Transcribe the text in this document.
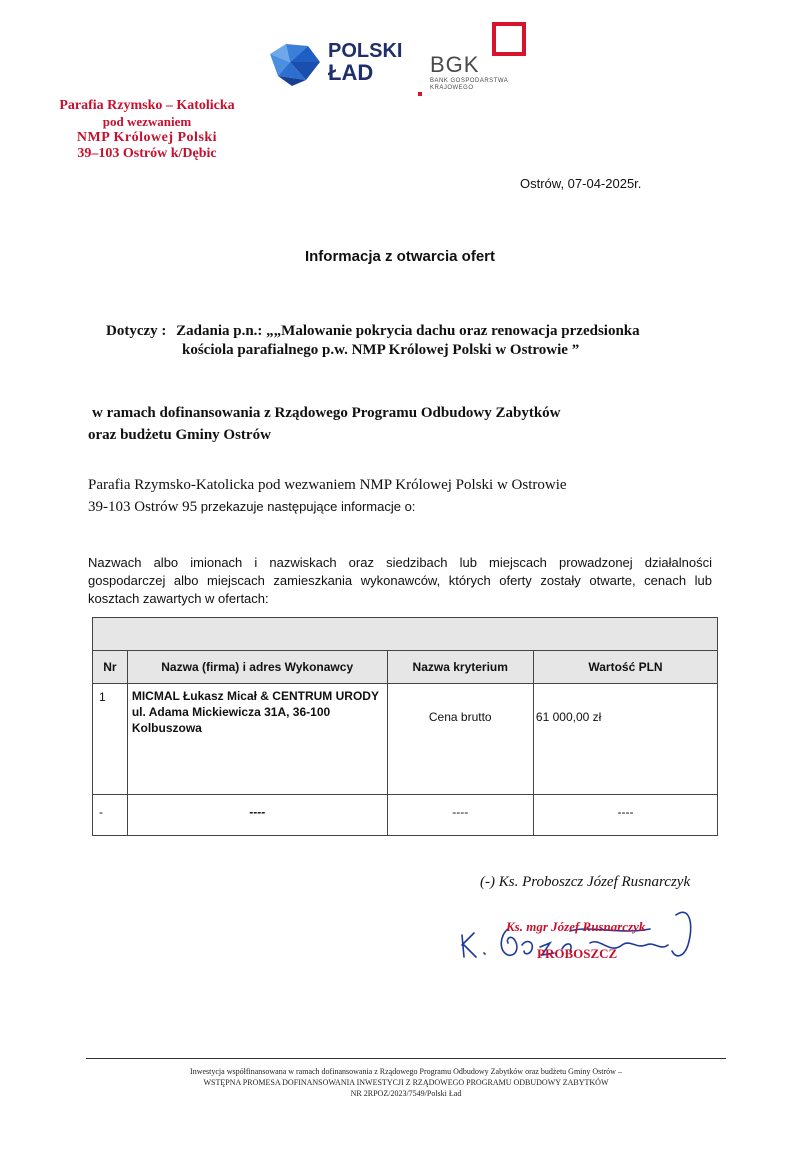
POLSKI
ŁAD	BGK
BANK GOSPODARSTWA
KRAJOWEGO
Parafia Rzymsko – Katolicka
pod wezwaniem
NMP Królowej Polski
39–103 Ostrów k/Dębic
Ostrów, 07-04-2025r.
Informacja z otwarcia ofert
Dotyczy : Zadania p.n.: „„Malowanie pokrycia dachu oraz renowacja przedsionka
kościola parafialnego p.w. NMP Królowej Polski w Ostrowie ”
w ramach dofinansowania z Rządowego Programu Odbudowy Zabytków
oraz budżetu Gminy Ostrów
Parafia Rzymsko-Katolicka pod wezwaniem NMP Królowej Polski w Ostrowie
39-103 Ostrów 95 przekazuje następujące informacje o:
Nazwach albo imionach i nazwiskach oraz siedzibach lub miejscach prowadzonej działalności
gospodarczej albo miejscach zamieszkania wykonawców, których oferty zostały otwarte, cenach lub
kosztach zawartych w ofertach:

Nr	Nazwa (firma) i adres Wykonawcy	Nazwa kryterium	Wartość PLN
1	MICMAL Łukasz Micał & CENTRUM URODY ul. Adama Mickiewicza 31A, 36-100 Kolbuszowa	Cena brutto	61 000,00 zł
-	----	----	----
(-) Ks. Proboszcz Józef Rusnarczyk
Ks. mgr Józef Rusnarczyk
PROBOSZCZ
Inwestycja współfinansowana w ramach dofinansowania z Rządowego Programu Odbudowy Zabytków oraz budżetu Gminy Ostrów –
WSTĘPNA PROMESA DOFINANSOWANIA INWESTYCJI Z RZĄDOWEGO PROGRAMU ODBUDOWY ZABYTKÓW
NR 2RPOZ/2023/7549/Polski Ład
